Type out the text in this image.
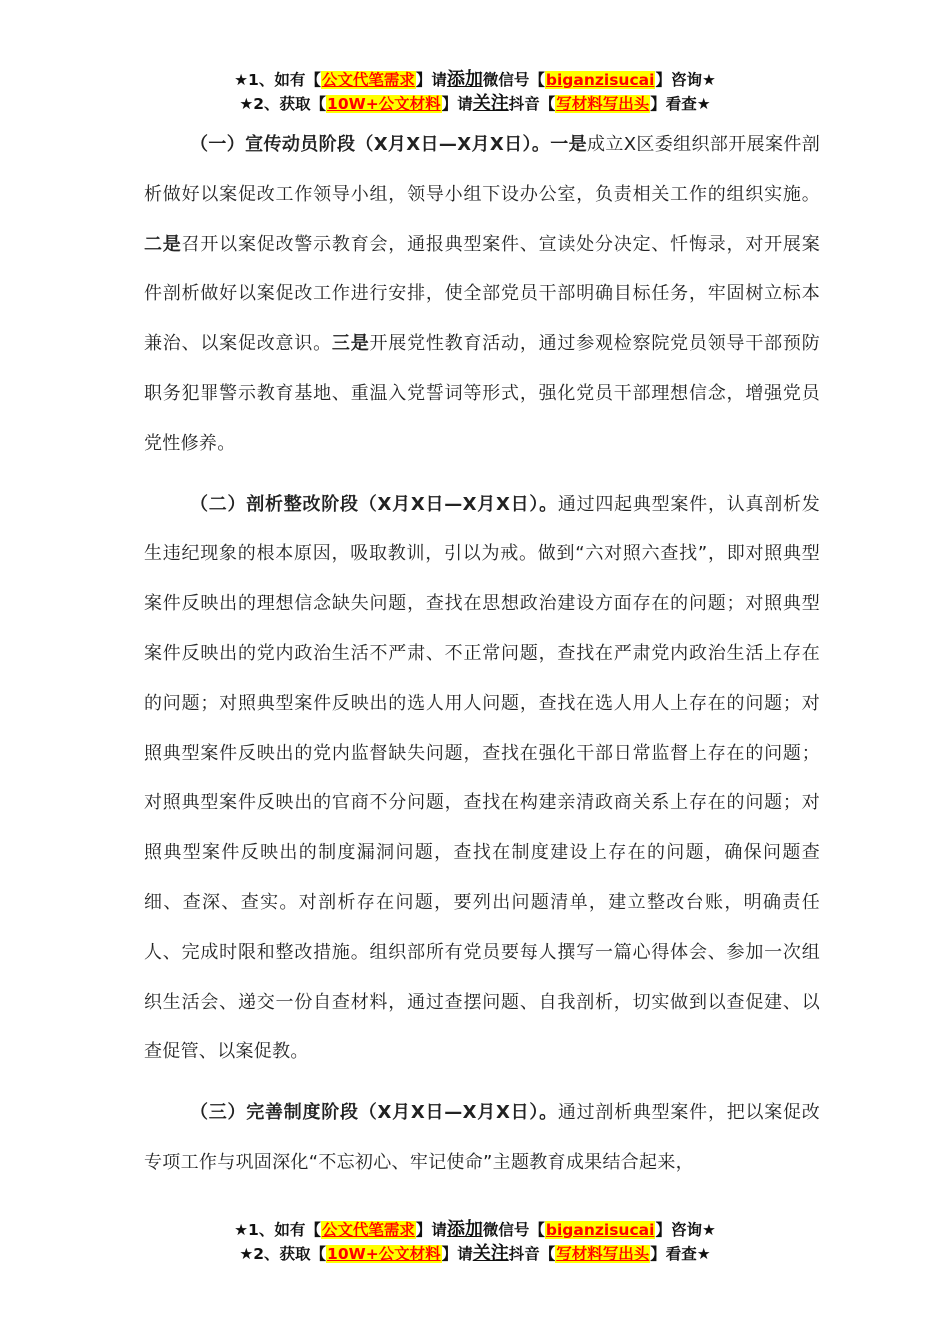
★1、如有【公文代笔需求】请添加微信号【biganzisucai】咨询★
★2、获取【10W+公文材料】请关注抖音【写材料写出头】看查★

（一）宣传动员阶段（X月X日—X月X日）。一是成立X区委组织部开展案件剖析做好以案促改工作领导小组，领导小组下设办公室，负责相关工作的组织实施。二是召开以案促改警示教育会，通报典型案件、宣读处分决定、忏悔录，对开展案件剖析做好以案促改工作进行安排，使全部党员干部明确目标任务，牢固树立标本兼治、以案促改意识。三是开展党性教育活动，通过参观检察院党员领导干部预防职务犯罪警示教育基地、重温入党誓词等形式，强化党员干部理想信念，增强党员党性修养。

（二）剖析整改阶段（X月X日—X月X日）。通过四起典型案件，认真剖析发生违纪现象的根本原因，吸取教训，引以为戒。做到“六对照六查找”，即对照典型案件反映出的理想信念缺失问题，查找在思想政治建设方面存在的问题；对照典型案件反映出的党内政治生活不严肃、不正常问题，查找在严肃党内政治生活上存在的问题；对照典型案件反映出的选人用人问题，查找在选人用人上存在的问题；对照典型案件反映出的党内监督缺失问题，查找在强化干部日常监督上存在的问题；对照典型案件反映出的官商不分问题，查找在构建亲清政商关系上存在的问题；对照典型案件反映出的制度漏洞问题，查找在制度建设上存在的问题，确保问题查细、查深、查实。对剖析存在问题，要列出问题清单，建立整改台账，明确责任人、完成时限和整改措施。组织部所有党员要每人撰写一篇心得体会、参加一次组织生活会、递交一份自查材料，通过查摆问题、自我剖析，切实做到以查促建、以查促管、以案促教。

（三）完善制度阶段（X月X日—X月X日）。通过剖析典型案件，把以案促改专项工作与巩固深化“不忘初心、牢记使命”主题教育成果结合起来，

★1、如有【公文代笔需求】请添加微信号【biganzisucai】咨询★
★2、获取【10W+公文材料】请关注抖音【写材料写出头】看查★
